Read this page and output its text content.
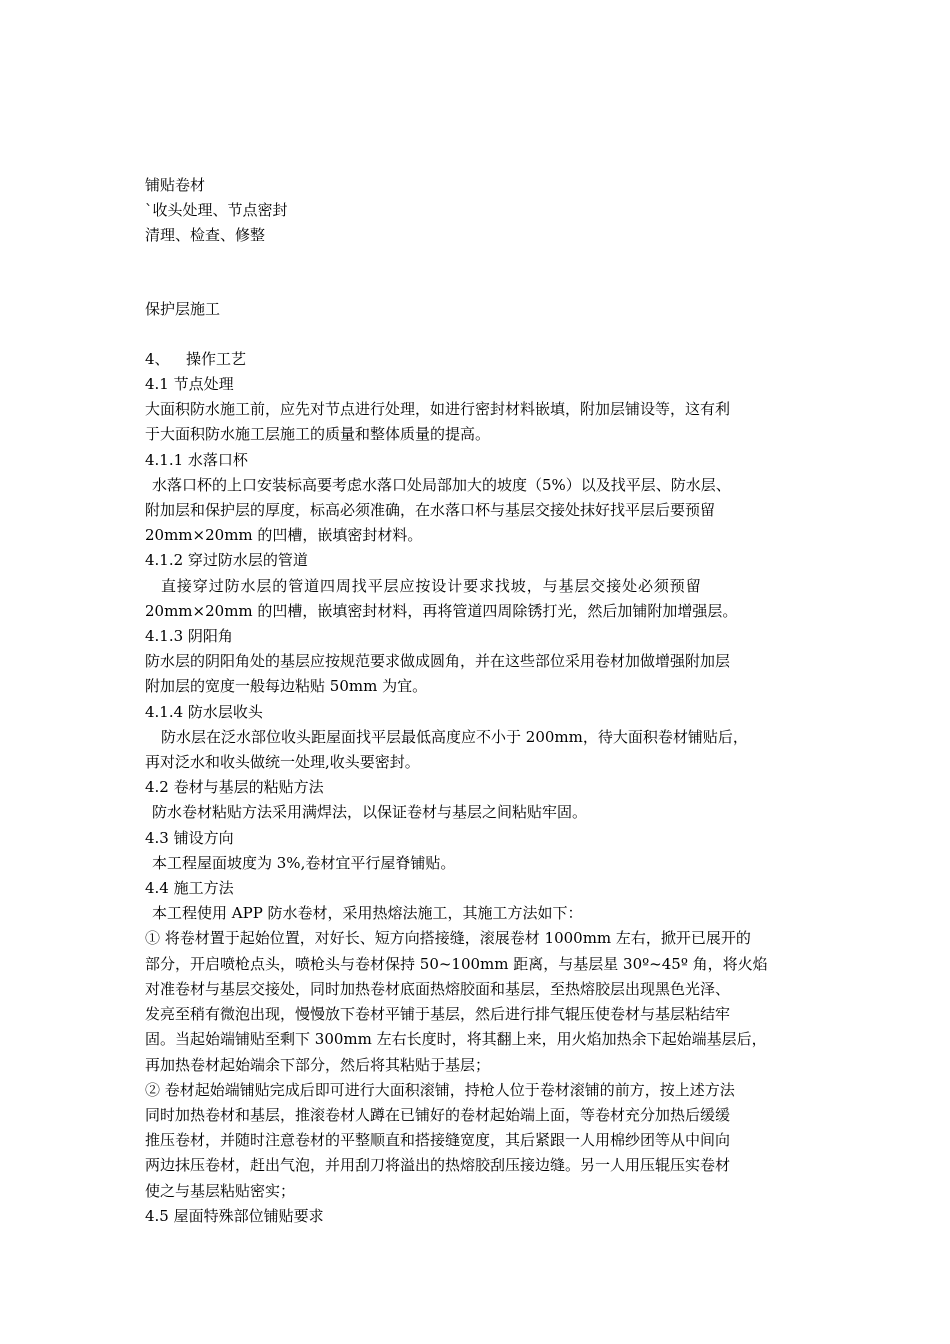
铺贴卷材
`收头处理、节点密封
清理、检查、修整
保护层施工
4、	操作工艺
4.1 节点处理
大面积防水施工前，应先对节点进行处理，如进行密封材料嵌填，附加层铺设等，这有利
于大面积防水施工层施工的质量和整体质量的提高。
4.1.1 水落口杯
水落口杯的上口安装标高要考虑水落口处局部加大的坡度（5%）以及找平层、防水层、
附加层和保护层的厚度，标高必须准确，在水落口杯与基层交接处抹好找平层后要预留
20mm×20mm 的凹槽，嵌填密封材料。
4.1.2 穿过防水层的管道
直接穿过防水层的管道四周找平层应按设计要求找坡，与基层交接处必须预留
20mm×20mm 的凹槽，嵌填密封材料，再将管道四周除锈打光，然后加铺附加增强层。
4.1.3 阴阳角
防水层的阴阳角处的基层应按规范要求做成圆角，并在这些部位采用卷材加做增强附加层
附加层的宽度一般每边粘贴 50mm 为宜。
4.1.4 防水层收头
防水层在泛水部位收头距屋面找平层最低高度应不小于 200mm，待大面积卷材铺贴后，
再对泛水和收头做统一处理,收头要密封。
4.2 卷材与基层的粘贴方法
防水卷材粘贴方法采用满焊法，以保证卷材与基层之间粘贴牢固。
4.3 铺设方向
本工程屋面坡度为 3%,卷材宜平行屋脊铺贴。
4.4 施工方法
本工程使用 APP 防水卷材，采用热熔法施工，其施工方法如下：
① 将卷材置于起始位置，对好长、短方向搭接缝，滚展卷材 1000mm 左右，掀开已展开的
部分，开启喷枪点头，喷枪头与卷材保持 50~100mm 距离，与基层星 30º~45º 角，将火焰
对准卷材与基层交接处，同时加热卷材底面热熔胶面和基层，至热熔胶层出现黑色光泽、
发亮至稍有微泡出现，慢慢放下卷材平铺于基层，然后进行排气辊压使卷材与基层粘结牢
固。当起始端铺贴至剩下 300mm 左右长度时，将其翻上来，用火焰加热余下起始端基层后，
再加热卷材起始端余下部分，然后将其粘贴于基层；
② 卷材起始端铺贴完成后即可进行大面积滚铺，持枪人位于卷材滚铺的前方，按上述方法
同时加热卷材和基层，推滚卷材人蹲在已铺好的卷材起始端上面，等卷材充分加热后缓缓
推压卷材，并随时注意卷材的平整顺直和搭接缝宽度，其后紧跟一人用棉纱团等从中间向
两边抹压卷材，赶出气泡，并用刮刀将溢出的热熔胶刮压接边缝。另一人用压辊压实卷材
使之与基层粘贴密实；
4.5 屋面特殊部位铺贴要求
